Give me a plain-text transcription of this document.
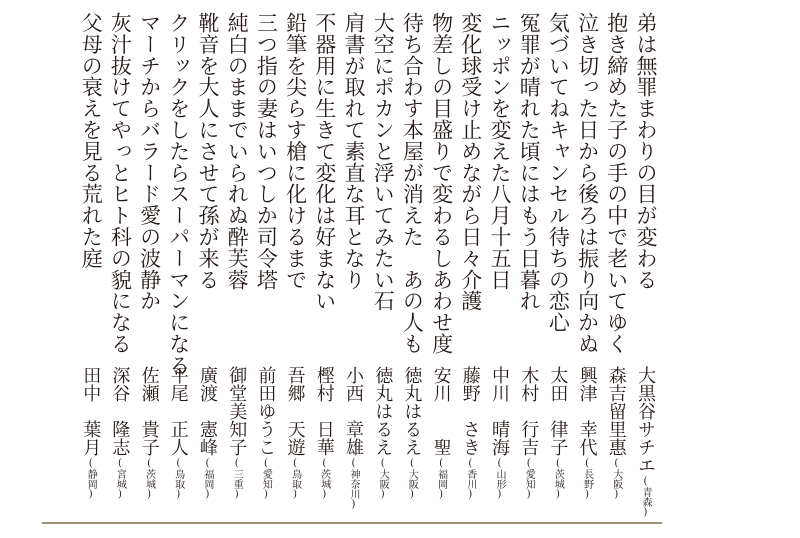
弟は無罪まわりの目が変わる
抱き締めた子の手の中で老いてゆく
泣き切った日から後ろは振り向かぬ
気づいてねキャンセル待ちの恋心
冤罪が晴れた頃にはもう日暮れ
ニッポンを変えた八月十五日
変化球受け止めながら日々介護
物差しの目盛りで変わるしあわせ度
待ち合わす本屋が消えた　あの人も
大空にポカンと浮いてみたい石
肩書が取れて素直な耳となり
不器用に生きて変化は好まない
鉛筆を尖らす槍に化けるまで
三つ指の妻はいつしか司令塔
純白のままでいられぬ酔芙蓉
靴音を大人にさせて孫が来る
クリックをしたらスーパーマンになる
マーチからバラード愛の波静か
灰汁抜けてやっとヒト科の貌になる
父母の衰えを見る荒れた庭
大黒谷サチエ( 青森 )
森吉留里惠( 大阪 )
興津　幸代( 長野 )
太田　律子( 茨城 )
木村　行吉( 愛知 )
中川　晴海( 山形 )
藤野　さき( 香川 )
安川　　聖( 福岡 )
徳丸はるえ( 大阪 )
徳丸はるえ( 大阪 )
小西　章雄( 神奈川 )
樫村　日華( 茨城 )
吾郷　天遊( 鳥取 )
前田ゆうこ( 愛知 )
御堂美知子( 三重 )
廣渡　憲峰( 福岡 )
平尾　正人( 鳥取 )
佐瀬　貴子( 茨城 )
深谷　隆志( 宮城 )
田中　葉月( 静岡 )
